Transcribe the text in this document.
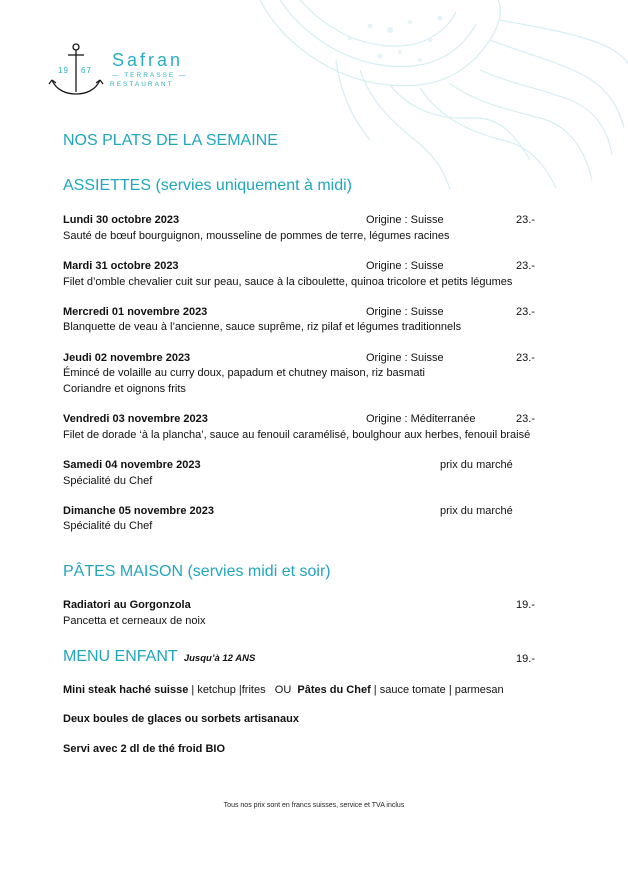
19 67
Safran
— TERRASSE —
RESTAURANT
NOS PLATS DE LA SEMAINE
ASSIETTES (servies uniquement à midi)
Lundi 30 octobre 2023	Origine : Suisse	23.-
Sauté de bœuf bourguignon, mousseline de pommes de terre, légumes racines
Mardi 31 octobre 2023	Origine : Suisse	23.-
Filet d’omble chevalier cuit sur peau, sauce à la ciboulette, quinoa tricolore et petits légumes
Mercredi 01 novembre 2023	Origine : Suisse	23.-
Blanquette de veau à l’ancienne, sauce suprême, riz pilaf et légumes traditionnels
Jeudi 02 novembre 2023	Origine : Suisse	23.-
Émincé de volaille au curry doux, papadum et chutney maison, riz basmati
Coriandre et oignons frits
Vendredi 03 novembre 2023	Origine : Méditerranée	23.-
Filet de dorade ‘à la plancha’, sauce au fenouil caramélisé, boulghour aux herbes, fenouil braisé
Samedi 04 novembre 2023	prix du marché
Spécialité du Chef
Dimanche 05 novembre 2023	prix du marché
Spécialité du Chef
PÂTES MAISON (servies midi et soir)
Radiatori au Gorgonzola	19.-
Pancetta et cerneaux de noix
MENU ENFANT Jusqu’à 12 ANS	19.-
Mini steak haché suisse | ketchup |frites OU Pâtes du Chef | sauce tomate | parmesan
Deux boules de glaces ou sorbets artisanaux
Servi avec 2 dl de thé froid BIO
Tous nos prix sont en francs suisses, service et TVA inclus
